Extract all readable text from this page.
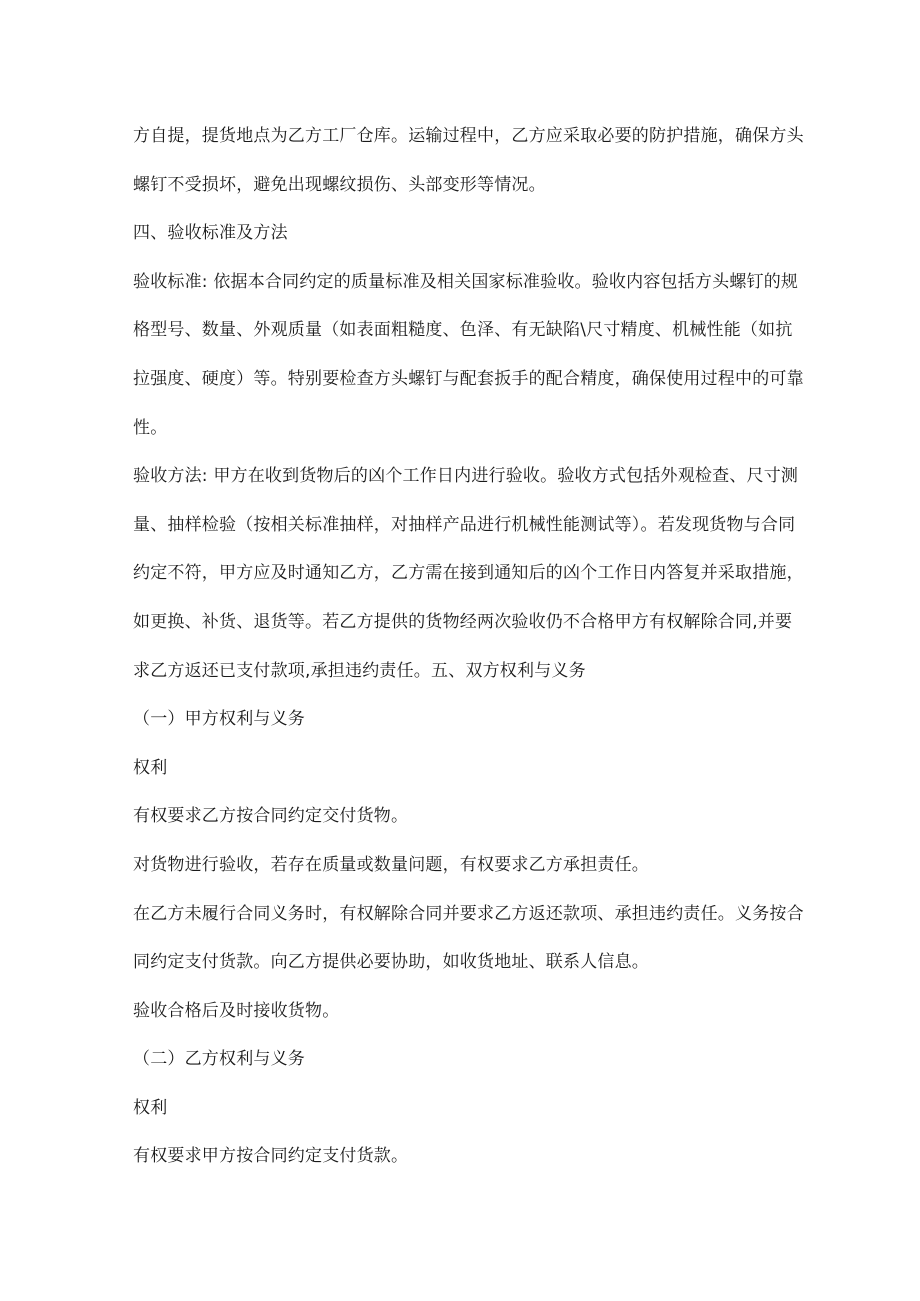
方自提，提货地点为乙方工厂仓库。运输过程中，乙方应采取必要的防护措施，确保方头
螺钉不受损坏，避免出现螺纹损伤、头部变形等情况。
四、验收标准及方法
验收标准: 依据本合同约定的质量标准及相关国家标准验收。验收内容包括方头螺钉的规
格型号、数量、外观质量（如表面粗糙度、色泽、有无缺陷\尺寸精度、机械性能（如抗
拉强度、硬度）等。特别要检查方头螺钉与配套扳手的配合精度，确保使用过程中的可靠
性。
验收方法: 甲方在收到货物后的凶个工作日内进行验收。验收方式包括外观检查、尺寸测
量、抽样检验（按相关标准抽样，对抽样产品进行机械性能测试等）。若发现货物与合同
约定不符，甲方应及时通知乙方，乙方需在接到通知后的凶个工作日内答复并采取措施，
如更换、补货、退货等。若乙方提供的货物经两次验收仍不合格甲方有权解除合同,并要
求乙方返还已支付款项,承担违约责任。五、双方权利与义务
（一）甲方权利与义务
权利
有权要求乙方按合同约定交付货物。
对货物进行验收，若存在质量或数量问题，有权要求乙方承担责任。
在乙方未履行合同义务时，有权解除合同并要求乙方返还款项、承担违约责任。义务按合
同约定支付货款。向乙方提供必要协助，如收货地址、联系人信息。
验收合格后及时接收货物。
（二）乙方权利与义务
权利
有权要求甲方按合同约定支付货款。
